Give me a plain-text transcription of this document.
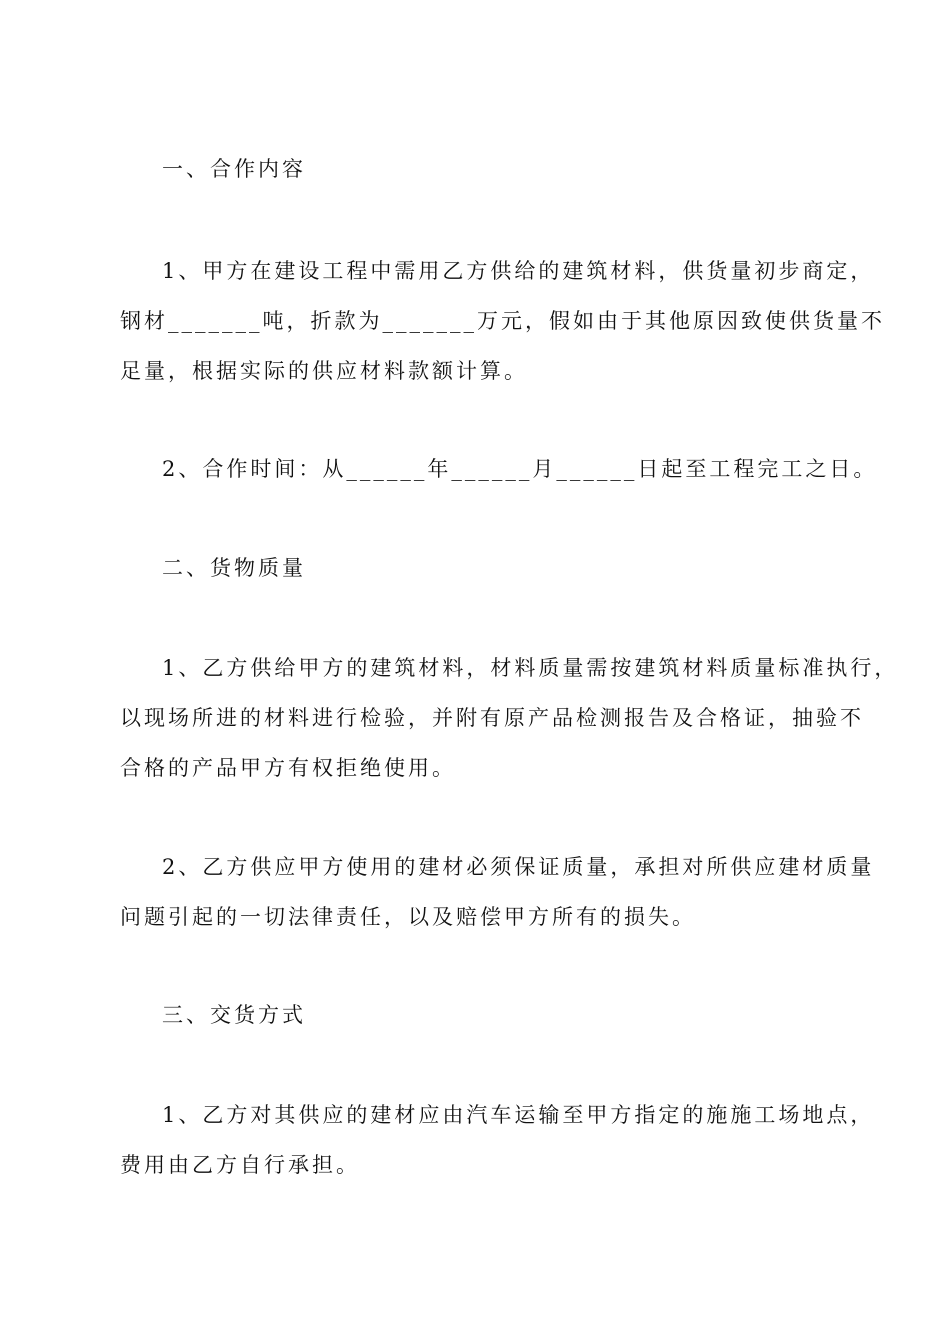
一、合作内容
1、甲方在建设工程中需用乙方供给的建筑材料，供货量初步商定，
钢材_______吨，折款为_______万元，假如由于其他原因致使供货量不
足量，根据实际的供应材料款额计算。
2、合作时间：从______年______月______日起至工程完工之日。
二、货物质量
1、乙方供给甲方的建筑材料，材料质量需按建筑材料质量标准执行，
以现场所进的材料进行检验，并附有原产品检测报告及合格证，抽验不
合格的产品甲方有权拒绝使用。
2、乙方供应甲方使用的建材必须保证质量，承担对所供应建材质量
问题引起的一切法律责任，以及赔偿甲方所有的损失。
三、交货方式
1、乙方对其供应的建材应由汽车运输至甲方指定的施施工场地点，
费用由乙方自行承担。
